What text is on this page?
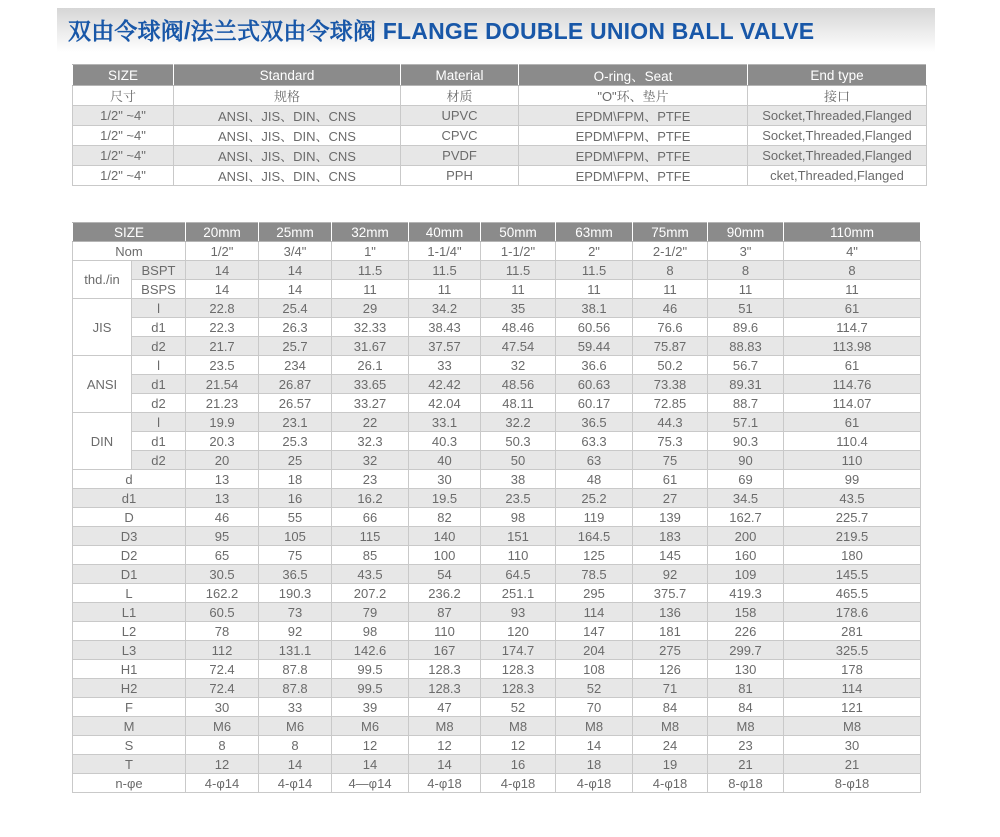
双由令球阀/法兰式双由令球阀 FLANGE DOUBLE UNION BALL VALVE
SIZE	Standard	Material	O-ring、Seat	End type
尺寸	规格	材质	"O"环、垫片	接口
1/2" ~4"	ANSI、JIS、DIN、CNS	UPVC	EPDM\FPM、PTFE	Socket,Threaded,Flanged
1/2" ~4"	ANSI、JIS、DIN、CNS	CPVC	EPDM\FPM、PTFE	Socket,Threaded,Flanged
1/2" ~4"	ANSI、JIS、DIN、CNS	PVDF	EPDM\FPM、PTFE	Socket,Threaded,Flanged
1/2" ~4"	ANSI、JIS、DIN、CNS	PPH	EPDM\FPM、PTFE	cket,Threaded,Flanged
SIZE		20mm	25mm	32mm	40mm	50mm	63mm	75mm	90mm	110mm
Nom		1/2"	3/4"	1"	1-1/4"	1-1/2"	2"	2-1/2"	3"	4"
thd./in	BSPT	14	14	11.5	11.5	11.5	11.5	8	8	8
	BSPS	14	14	11	11	11	11	11	11	11
JIS	l	22.8	25.4	29	34.2	35	38.1	46	51	61
	d1	22.3	26.3	32.33	38.43	48.46	60.56	76.6	89.6	114.7
	d2	21.7	25.7	31.67	37.57	47.54	59.44	75.87	88.83	113.98
ANSI	l	23.5	234	26.1	33	32	36.6	50.2	56.7	61
	d1	21.54	26.87	33.65	42.42	48.56	60.63	73.38	89.31	114.76
	d2	21.23	26.57	33.27	42.04	48.11	60.17	72.85	88.7	114.07
DIN	l	19.9	23.1	22	33.1	32.2	36.5	44.3	57.1	61
	d1	20.3	25.3	32.3	40.3	50.3	63.3	75.3	90.3	110.4
	d2	20	25	32	40	50	63	75	90	110
d		13	18	23	30	38	48	61	69	99
d1		13	16	16.2	19.5	23.5	25.2	27	34.5	43.5
D		46	55	66	82	98	119	139	162.7	225.7
D3		95	105	115	140	151	164.5	183	200	219.5
D2		65	75	85	100	110	125	145	160	180
D1		30.5	36.5	43.5	54	64.5	78.5	92	109	145.5
L		162.2	190.3	207.2	236.2	251.1	295	375.7	419.3	465.5
L1		60.5	73	79	87	93	114	136	158	178.6
L2		78	92	98	110	120	147	181	226	281
L3		112	131.1	142.6	167	174.7	204	275	299.7	325.5
H1		72.4	87.8	99.5	128.3	128.3	108	126	130	178
H2		72.4	87.8	99.5	128.3	128.3	52	71	81	114
F		30	33	39	47	52	70	84	84	121
M		M6	M6	M6	M8	M8	M8	M8	M8	M8
S		8	8	12	12	12	14	24	23	30
T		12	14	14	14	16	18	19	21	21
n-φe		4-φ14	4-φ14	4—φ14	4-φ18	4-φ18	4-φ18	4-φ18	8-φ18	8-φ18
